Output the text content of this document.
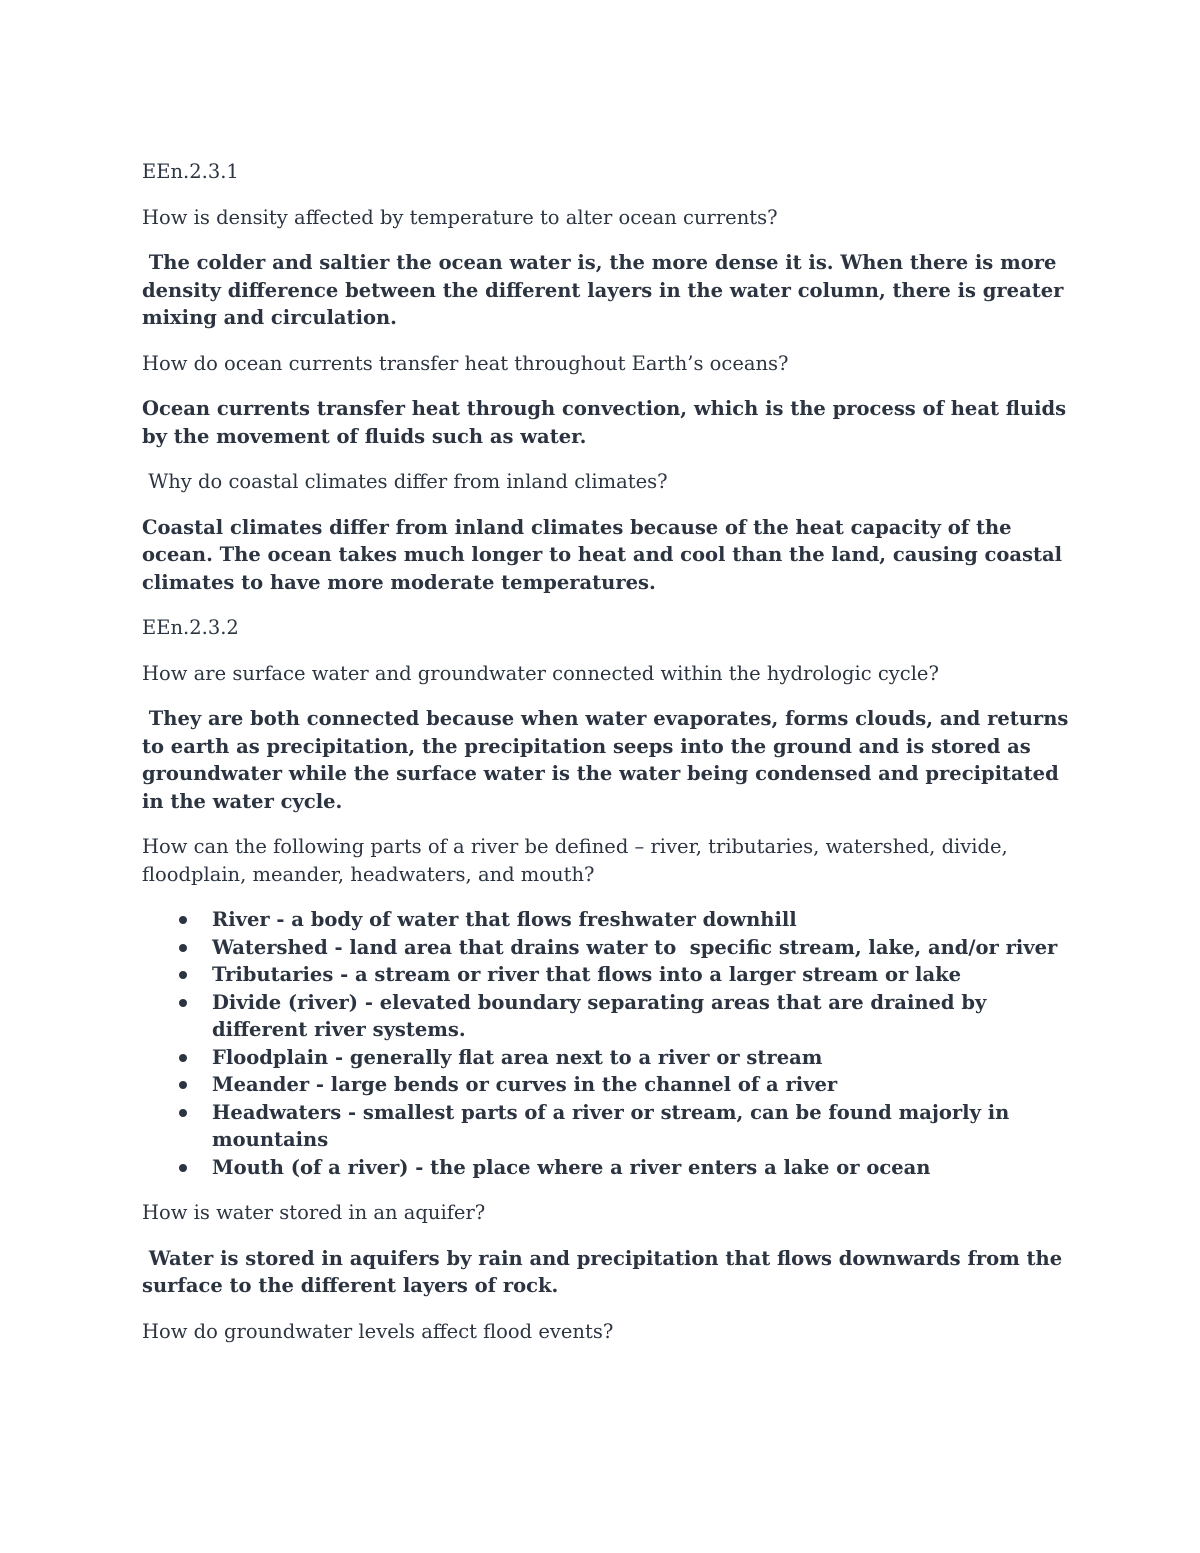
EEn.2.3.1

How is density affected by temperature to alter ocean currents?

The colder and saltier the ocean water is, the more dense it is. When there is more density difference between the different layers in the water column, there is greater mixing and circulation.

How do ocean currents transfer heat throughout Earth’s oceans?

Ocean currents transfer heat through convection, which is the process of heat fluids by the movement of fluids such as water.

Why do coastal climates differ from inland climates?

Coastal climates differ from inland climates because of the heat capacity of the ocean. The ocean takes much longer to heat and cool than the land, causing coastal climates to have more moderate temperatures.

EEn.2.3.2

How are surface water and groundwater connected within the hydrologic cycle?

They are both connected because when water evaporates, forms clouds, and returns to earth as precipitation, the precipitation seeps into the ground and is stored as groundwater while the surface water is the water being condensed and precipitated in the water cycle.

How can the following parts of a river be defined – river, tributaries, watershed, divide, floodplain, meander, headwaters, and mouth?

River - a body of water that flows freshwater downhill
Watershed - land area that drains water to  specific stream, lake, and/or river
Tributaries - a stream or river that flows into a larger stream or lake
Divide (river) - elevated boundary separating areas that are drained by different river systems.
Floodplain - generally flat area next to a river or stream
Meander - large bends or curves in the channel of a river
Headwaters - smallest parts of a river or stream, can be found majorly in mountains
Mouth (of a river) - the place where a river enters a lake or ocean

How is water stored in an aquifer?

Water is stored in aquifers by rain and precipitation that flows downwards from the surface to the different layers of rock.

How do groundwater levels affect flood events?
